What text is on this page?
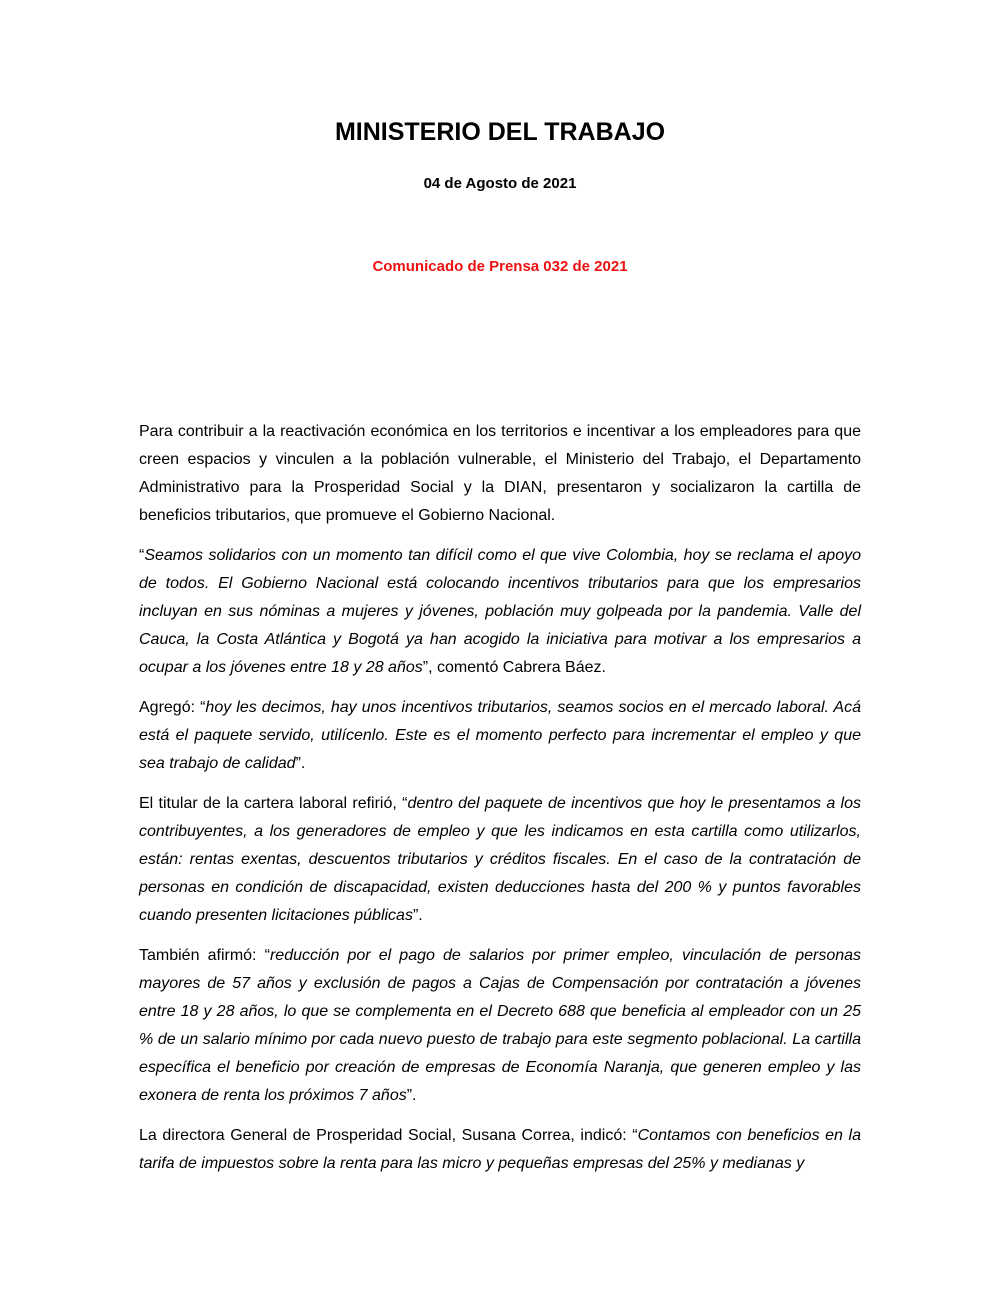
MINISTERIO DEL TRABAJO
04 de Agosto de 2021
Comunicado de Prensa 032 de 2021

Para contribuir a la reactivación económica en los territorios e incentivar a los empleadores para que creen espacios y vinculen a la población vulnerable, el Ministerio del Trabajo, el Departamento Administrativo para la Prosperidad Social y la DIAN, presentaron y socializaron la cartilla de beneficios tributarios, que promueve el Gobierno Nacional.

“Seamos solidarios con un momento tan difícil como el que vive Colombia, hoy se reclama el apoyo de todos. El Gobierno Nacional está colocando incentivos tributarios para que los empresarios incluyan en sus nóminas a mujeres y jóvenes, población muy golpeada por la pandemia. Valle del Cauca, la Costa Atlántica y Bogotá ya han acogido la iniciativa para motivar a los empresarios a ocupar a los jóvenes entre 18 y 28 años”, comentó Cabrera Báez.

Agregó: “hoy les decimos, hay unos incentivos tributarios, seamos socios en el mercado laboral. Acá está el paquete servido, utilícenlo. Este es el momento perfecto para incrementar el empleo y que sea trabajo de calidad”.

El titular de la cartera laboral refirió, “dentro del paquete de incentivos que hoy le presentamos a los contribuyentes, a los generadores de empleo y que les indicamos en esta cartilla como utilizarlos, están: rentas exentas, descuentos tributarios y créditos fiscales. En el caso de la contratación de personas en condición de discapacidad, existen deducciones hasta del 200 % y puntos favorables cuando presenten licitaciones públicas”.

También afirmó: “reducción por el pago de salarios por primer empleo, vinculación de personas mayores de 57 años y exclusión de pagos a Cajas de Compensación por contratación a jóvenes entre 18 y 28 años, lo que se complementa en el Decreto 688 que beneficia al empleador con un 25 % de un salario mínimo por cada nuevo puesto de trabajo para este segmento poblacional. La cartilla específica el beneficio por creación de empresas de Economía Naranja, que generen empleo y las exonera de renta los próximos 7 años”.

La directora General de Prosperidad Social, Susana Correa, indicó: “Contamos con beneficios en la tarifa de impuestos sobre la renta para las micro y pequeñas empresas del 25% y medianas y
